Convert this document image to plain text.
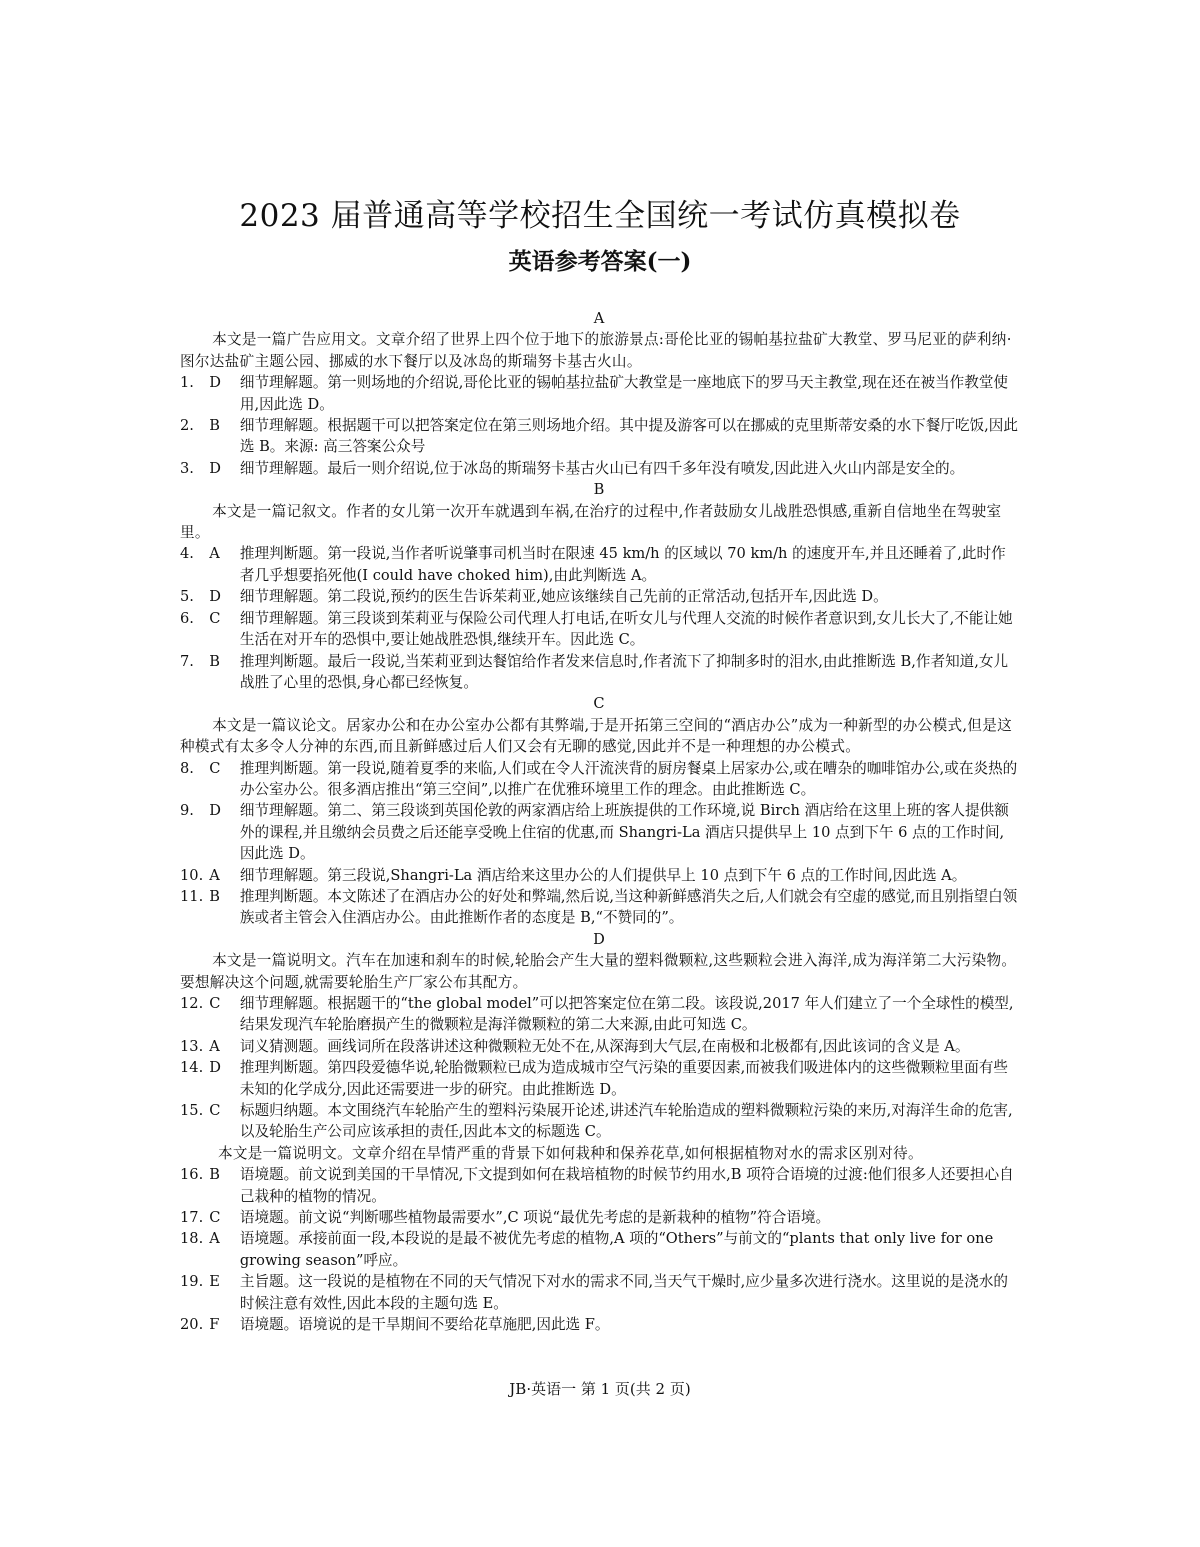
2023 届普通高等学校招生全国统一考试仿真模拟卷
英语参考答案(一)
A
本文是一篇广告应用文。文章介绍了世界上四个位于地下的旅游景点:哥伦比亚的锡帕基拉盐矿大教堂、罗马尼亚的萨利纳·图尔达盐矿主题公园、挪威的水下餐厅以及冰岛的斯瑞努卡基古火山。
1.	D	细节理解题。第一则场地的介绍说,哥伦比亚的锡帕基拉盐矿大教堂是一座地底下的罗马天主教堂,现在还在被当作教堂使用,因此选 D。
2.	B	细节理解题。根据题干可以把答案定位在第三则场地介绍。其中提及游客可以在挪威的克里斯蒂安桑的水下餐厅吃饭,因此选 B。来源: 高三答案公众号
3.	D	细节理解题。最后一则介绍说,位于冰岛的斯瑞努卡基古火山已有四千多年没有喷发,因此进入火山内部是安全的。
B
本文是一篇记叙文。作者的女儿第一次开车就遇到车祸,在治疗的过程中,作者鼓励女儿战胜恐惧感,重新自信地坐在驾驶室里。
4.	A	推理判断题。第一段说,当作者听说肇事司机当时在限速 45 km/h 的区域以 70 km/h 的速度开车,并且还睡着了,此时作者几乎想要掐死他(I could have choked him),由此判断选 A。
5.	D	细节理解题。第二段说,预约的医生告诉茱莉亚,她应该继续自己先前的正常活动,包括开车,因此选 D。
6.	C	细节理解题。第三段谈到茱莉亚与保险公司代理人打电话,在听女儿与代理人交流的时候作者意识到,女儿长大了,不能让她生活在对开车的恐惧中,要让她战胜恐惧,继续开车。因此选 C。
7.	B	推理判断题。最后一段说,当茱莉亚到达餐馆给作者发来信息时,作者流下了抑制多时的泪水,由此推断选 B,作者知道,女儿战胜了心里的恐惧,身心都已经恢复。
C
本文是一篇议论文。居家办公和在办公室办公都有其弊端,于是开拓第三空间的“酒店办公”成为一种新型的办公模式,但是这种模式有太多令人分神的东西,而且新鲜感过后人们又会有无聊的感觉,因此并不是一种理想的办公模式。
8.	C	推理判断题。第一段说,随着夏季的来临,人们或在令人汗流浃背的厨房餐桌上居家办公,或在嘈杂的咖啡馆办公,或在炎热的办公室办公。很多酒店推出“第三空间”,以推广在优雅环境里工作的理念。由此推断选 C。
9.	D	细节理解题。第二、第三段谈到英国伦敦的两家酒店给上班族提供的工作环境,说 Birch 酒店给在这里上班的客人提供额外的课程,并且缴纳会员费之后还能享受晚上住宿的优惠,而 Shangri-La 酒店只提供早上 10 点到下午 6 点的工作时间,因此选 D。
10. A	细节理解题。第三段说,Shangri-La 酒店给来这里办公的人们提供早上 10 点到下午 6 点的工作时间,因此选 A。
11. B	推理判断题。本文陈述了在酒店办公的好处和弊端,然后说,当这种新鲜感消失之后,人们就会有空虚的感觉,而且别指望白领族或者主管会入住酒店办公。由此推断作者的态度是 B,“不赞同的”。
D
本文是一篇说明文。汽车在加速和刹车的时候,轮胎会产生大量的塑料微颗粒,这些颗粒会进入海洋,成为海洋第二大污染物。要想解决这个问题,就需要轮胎生产厂家公布其配方。
12. C	细节理解题。根据题干的“the global model”可以把答案定位在第二段。该段说,2017 年人们建立了一个全球性的模型,结果发现汽车轮胎磨损产生的微颗粒是海洋微颗粒的第二大来源,由此可知选 C。
13. A	词义猜测题。画线词所在段落讲述这种微颗粒无处不在,从深海到大气层,在南极和北极都有,因此该词的含义是 A。
14. D	推理判断题。第四段爱德华说,轮胎微颗粒已成为造成城市空气污染的重要因素,而被我们吸进体内的这些微颗粒里面有些未知的化学成分,因此还需要进一步的研究。由此推断选 D。
15. C	标题归纳题。本文围绕汽车轮胎产生的塑料污染展开论述,讲述汽车轮胎造成的塑料微颗粒污染的来历,对海洋生命的危害,以及轮胎生产公司应该承担的责任,因此本文的标题选 C。
本文是一篇说明文。文章介绍在旱情严重的背景下如何栽种和保养花草,如何根据植物对水的需求区别对待。
16. B	语境题。前文说到美国的干旱情况,下文提到如何在栽培植物的时候节约用水,B 项符合语境的过渡:他们很多人还要担心自己栽种的植物的情况。
17. C	语境题。前文说“判断哪些植物最需要水”,C 项说“最优先考虑的是新栽种的植物”符合语境。
18. A	语境题。承接前面一段,本段说的是最不被优先考虑的植物,A 项的“Others”与前文的“plants that only live for one growing season”呼应。
19. E	主旨题。这一段说的是植物在不同的天气情况下对水的需求不同,当天气干燥时,应少量多次进行浇水。这里说的是浇水的时候注意有效性,因此本段的主题句选 E。
20. F	语境题。语境说的是干旱期间不要给花草施肥,因此选 F。
JB·英语一 第 1 页(共 2 页)
